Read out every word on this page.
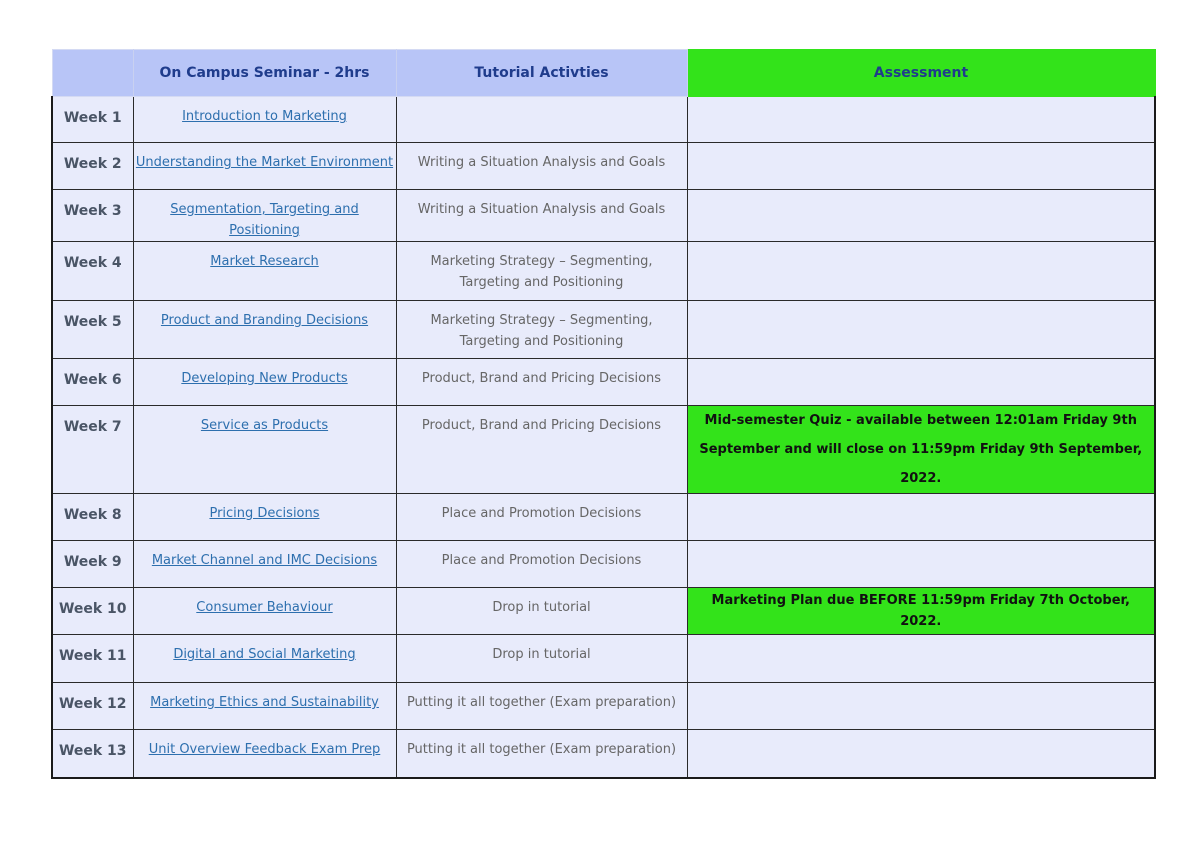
	On Campus Seminar - 2hrs	Tutorial Activties	Assessment
Week 1	Introduction to Marketing		
Week 2	Understanding the Market Environment	Writing a Situation Analysis and Goals	
Week 3	Segmentation, Targeting and Positioning	Writing a Situation Analysis and Goals	
Week 4	Market Research	Marketing Strategy – Segmenting, Targeting and Positioning	
Week 5	Product and Branding Decisions	Marketing Strategy – Segmenting, Targeting and Positioning	
Week 6	Developing New Products	Product, Brand and Pricing Decisions	
Week 7	Service as Products	Product, Brand and Pricing Decisions	Mid-semester Quiz - available between 12:01am Friday 9th September and will close on 11:59pm Friday 9th September, 2022.
Week 8	Pricing Decisions	Place and Promotion Decisions	
Week 9	Market Channel and IMC Decisions	Place and Promotion Decisions	
Week 10	Consumer Behaviour	Drop in tutorial	Marketing Plan due BEFORE 11:59pm Friday 7th October, 2022.
Week 11	Digital and Social Marketing	Drop in tutorial	
Week 12	Marketing Ethics and Sustainability	Putting it all together (Exam preparation)	
Week 13	Unit Overview Feedback Exam Prep	Putting it all together (Exam preparation)	
